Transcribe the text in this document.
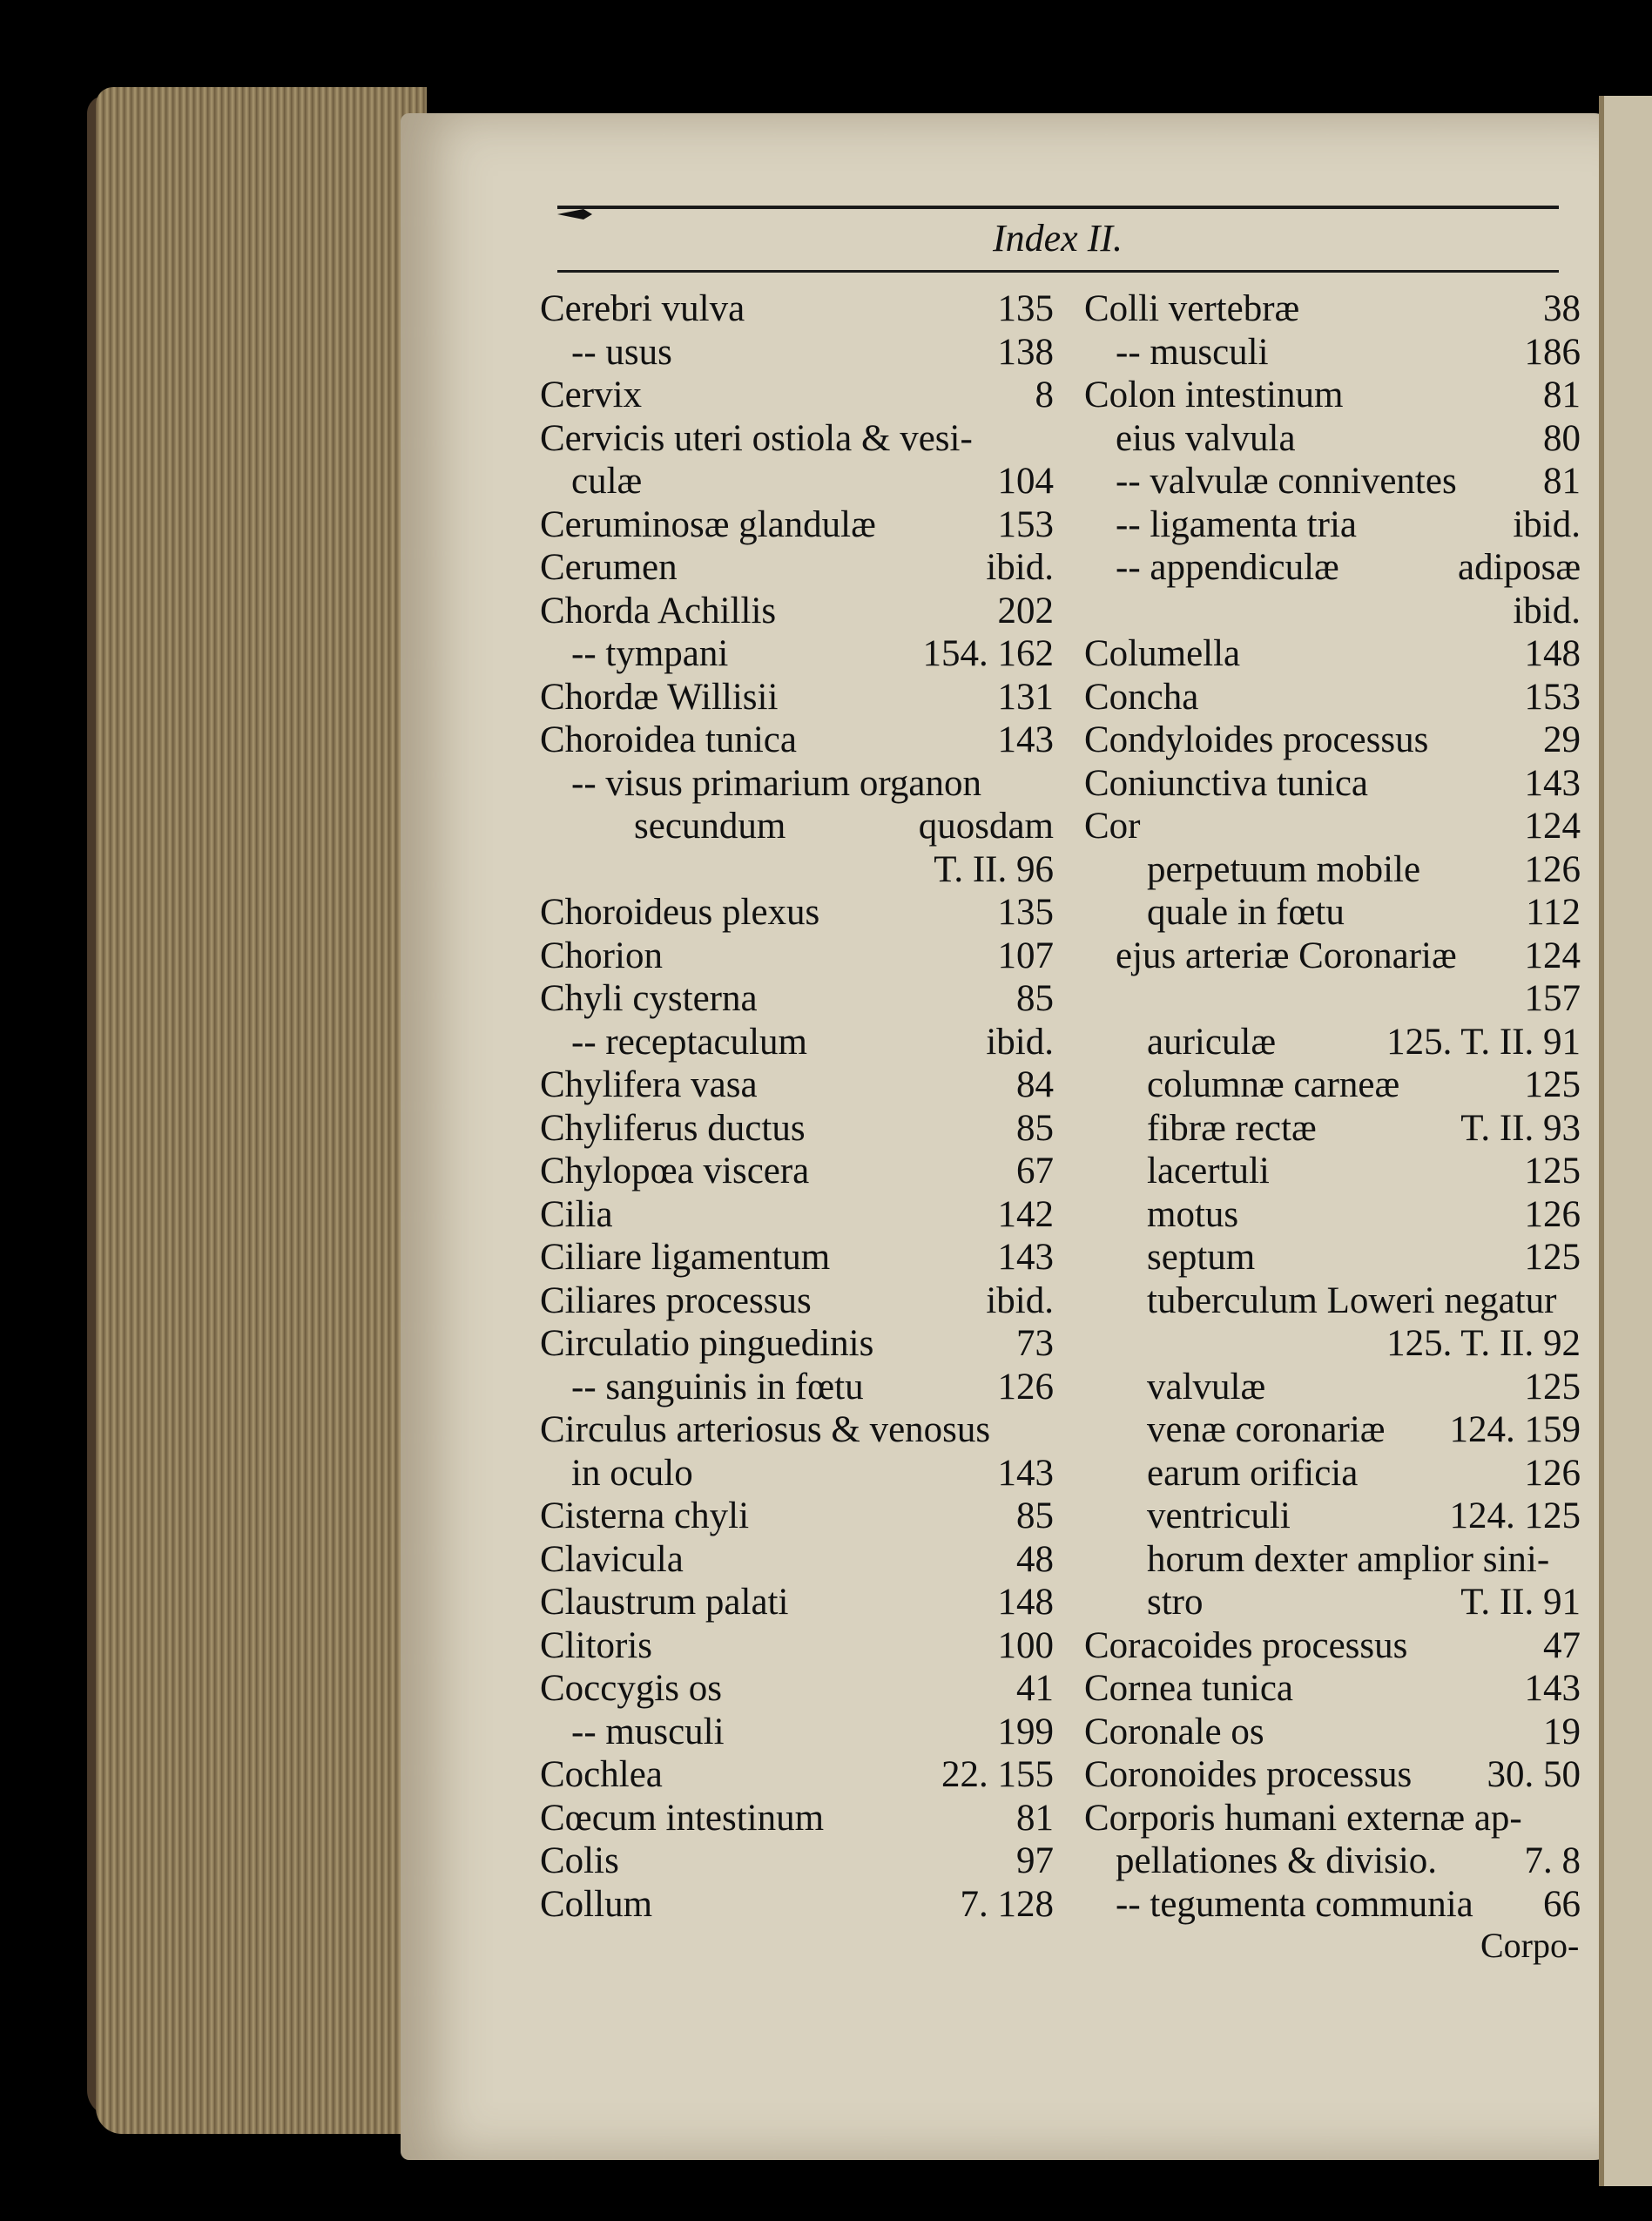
Index II.
Cerebri vulva	135
-- usus	138
Cervix	8
Cervicis uteri ostiola & vesi-
culæ	104
Ceruminosæ glandulæ	153
Cerumen	ibid.
Chorda Achillis	202
-- tympani	154. 162
Chordæ Willisii	131
Choroidea tunica	143
-- visus primarium organon
secundum	quosdam
T. II. 96
Choroideus plexus	135
Chorion	107
Chyli cysterna	85
-- receptaculum	ibid.
Chylifera vasa	84
Chyliferus ductus	85
Chylopœa viscera	67
Cilia	142
Ciliare ligamentum	143
Ciliares processus	ibid.
Circulatio pinguedinis	73
-- sanguinis in fœtu	126
Circulus arteriosus & venosus
in oculo	143
Cisterna chyli	85
Clavicula	48
Claustrum palati	148
Clitoris	100
Coccygis os	41
-- musculi	199
Cochlea	22. 155
Cœcum intestinum	81
Colis	97
Collum	7. 128
Colli vertebræ	38
-- musculi	186
Colon intestinum	81
eius valvula	80
-- valvulæ conniventes 81
-- ligamenta tria	ibid.
-- appendiculæ	adiposæ
ibid.
Columella	148
Concha	153
Condyloides processus	29
Coniunctiva tunica	143
Cor	124
perpetuum mobile	126
quale in fœtu	112
ejus arteriæ Coronariæ 124
157
auriculæ	125. T. II. 91
columnæ carneæ	125
fibræ rectæ	T. II. 93
lacertuli	125
motus	126
septum	125
tuberculum Loweri negatur
125. T. II. 92
valvulæ	125
venæ coronariæ 124. 159
earum orificia	126
ventriculi	124. 125
horum dexter amplior sini-
stro	T. II. 91
Coracoides processus	47
Cornea tunica	143
Coronale os	19
Coronoides processus 30. 50
Corporis humani externæ ap-
pellationes & divisio. 7. 8
-- tegumenta communia 66
Corpo-
